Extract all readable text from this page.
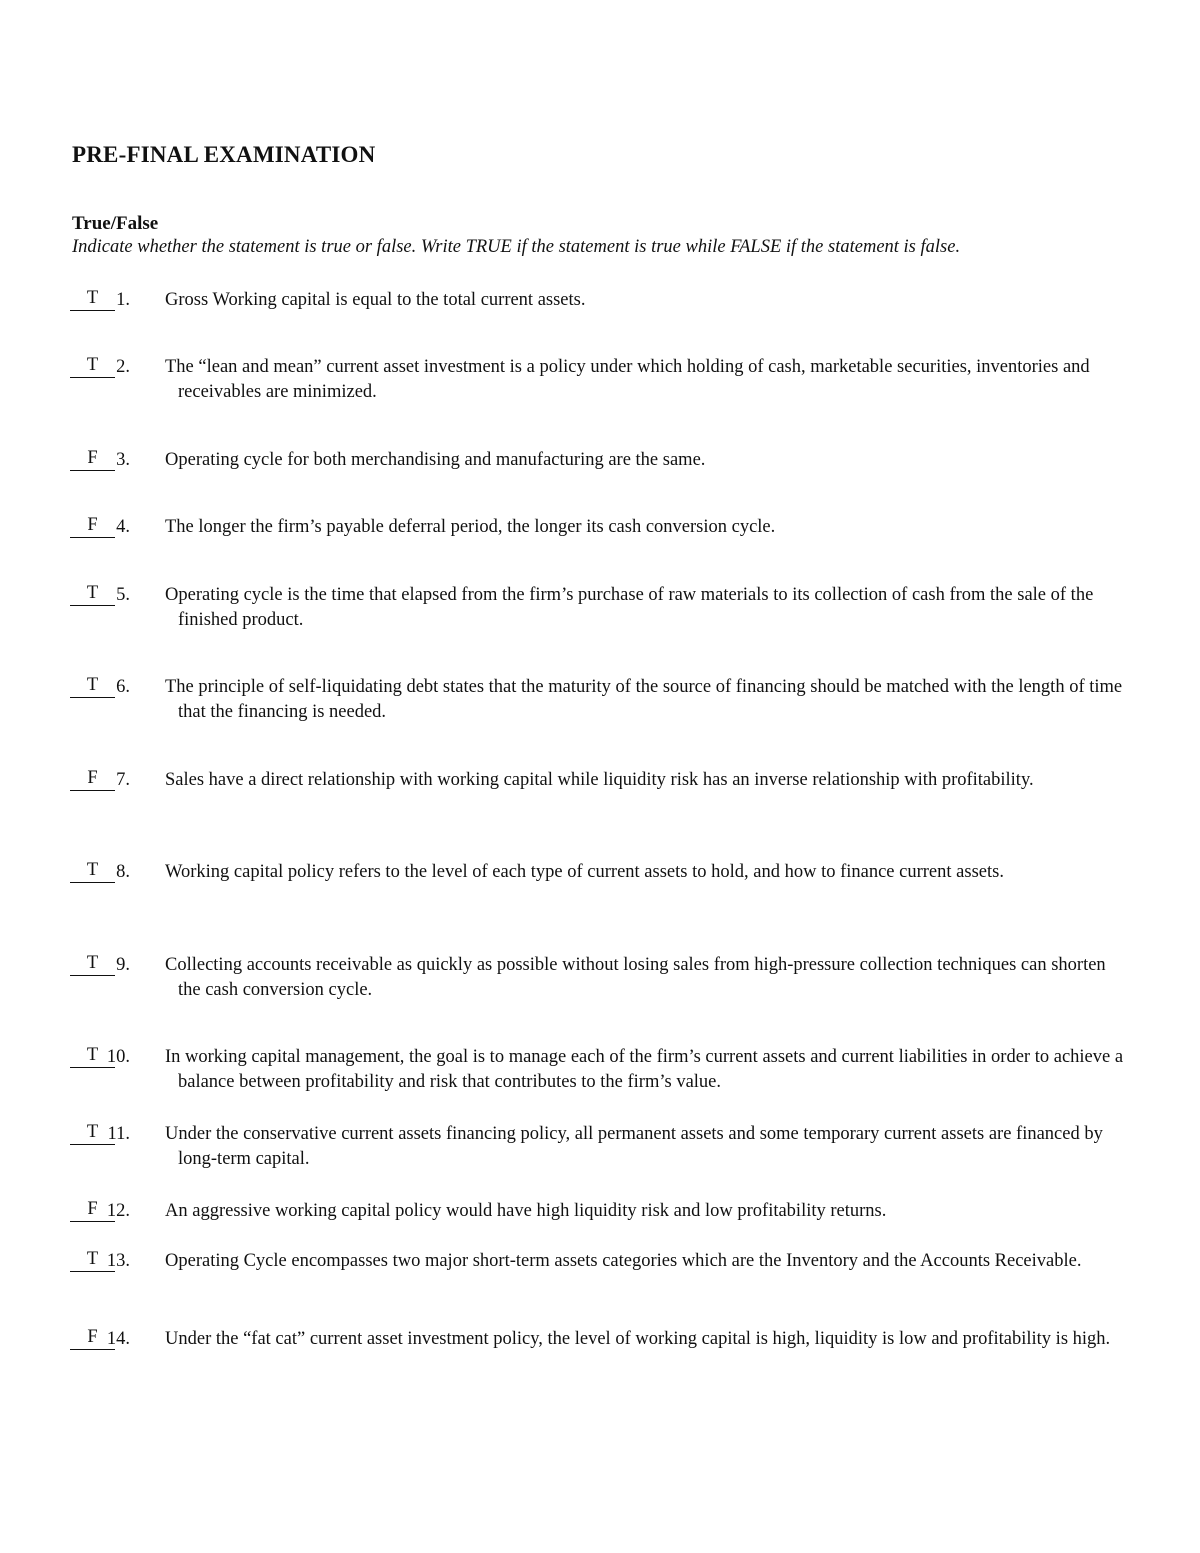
PRE-FINAL EXAMINATION
True/False

Indicate whether the statement is true or false. Write TRUE if the statement is true while FALSE if the statement is false.

T 1. Gross Working capital is equal to the total current assets.
T 2. The “lean and mean” current asset investment is a policy under which holding of cash, marketable securities, inventories and receivables are minimized.
F 3. Operating cycle for both merchandising and manufacturing are the same.
F 4. The longer the firm’s payable deferral period, the longer its cash conversion cycle.
T 5. Operating cycle is the time that elapsed from the firm’s purchase of raw materials to its collection of cash from the sale of the finished product.
T 6. The principle of self-liquidating debt states that the maturity of the source of financing should be matched with the length of time that the financing is needed.
F 7. Sales have a direct relationship with working capital while liquidity risk has an inverse relationship with profitability.
T 8. Working capital policy refers to the level of each type of current assets to hold, and how to finance current assets.
T 9. Collecting accounts receivable as quickly as possible without losing sales from high-pressure collection techniques can shorten the cash conversion cycle.
T 10. In working capital management, the goal is to manage each of the firm’s current assets and current liabilities in order to achieve a balance between profitability and risk that contributes to the firm’s value.
T 11. Under the conservative current assets financing policy, all permanent assets and some temporary current assets are financed by long-term capital.
F 12. An aggressive working capital policy would have high liquidity risk and low profitability returns.
T 13. Operating Cycle encompasses two major short-term assets categories which are the Inventory and the Accounts Receivable.
F 14. Under the “fat cat” current asset investment policy, the level of working capital is high, liquidity is low and profitability is high.
